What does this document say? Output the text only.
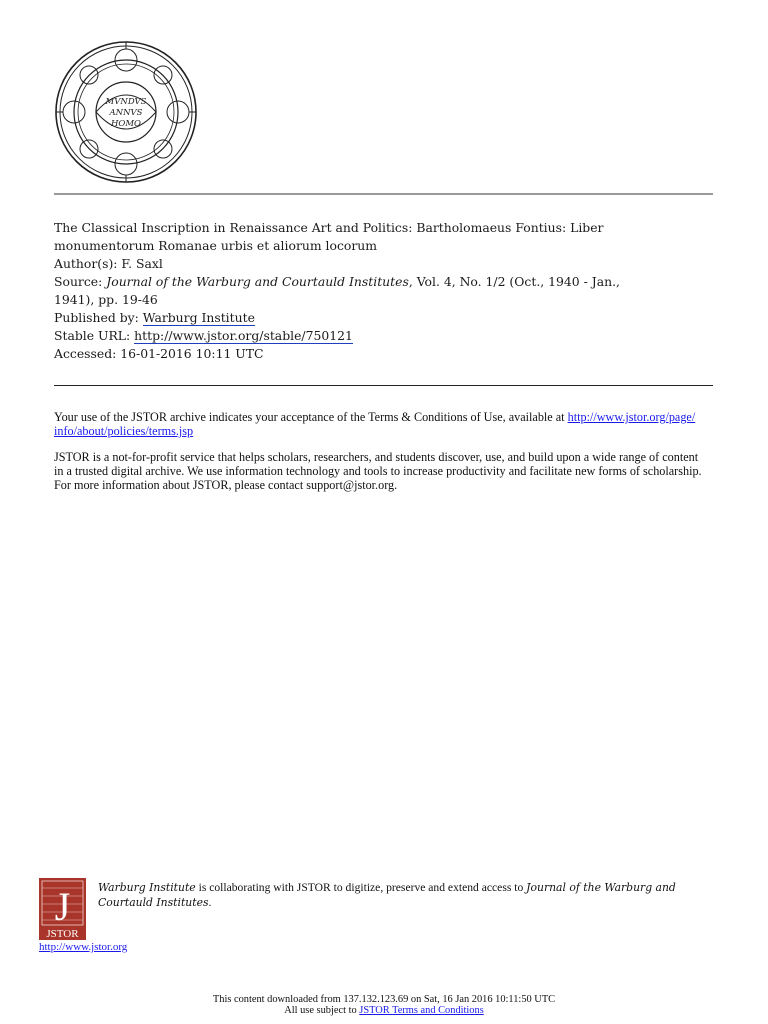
MVNDVS
ANNVS
HOMO
The Classical Inscription in Renaissance Art and Politics: Bartholomaeus Fontius: Liber
monumentorum Romanae urbis et aliorum locorum
Author(s): F. Saxl
Source: Journal of the Warburg and Courtauld Institutes, Vol. 4, No. 1/2 (Oct., 1940 - Jan.,
1941), pp. 19-46
Published by: Warburg Institute
Stable URL: http://www.jstor.org/stable/750121
Accessed: 16-01-2016 10:11 UTC

Your use of the JSTOR archive indicates your acceptance of the Terms & Conditions of Use, available at http://www.jstor.org/page/
info/about/policies/terms.jsp

JSTOR is a not-for-profit service that helps scholars, researchers, and students discover, use, and build upon a wide range of content
in a trusted digital archive. We use information technology and tools to increase productivity and facilitate new forms of scholarship.
For more information about JSTOR, please contact support@jstor.org.

J
JSTOR
http://www.jstor.org
Warburg Institute is collaborating with JSTOR to digitize, preserve and extend access to Journal of the Warburg and
Courtauld Institutes.
This content downloaded from 137.132.123.69 on Sat, 16 Jan 2016 10:11:50 UTC
All use subject to JSTOR Terms and Conditions
